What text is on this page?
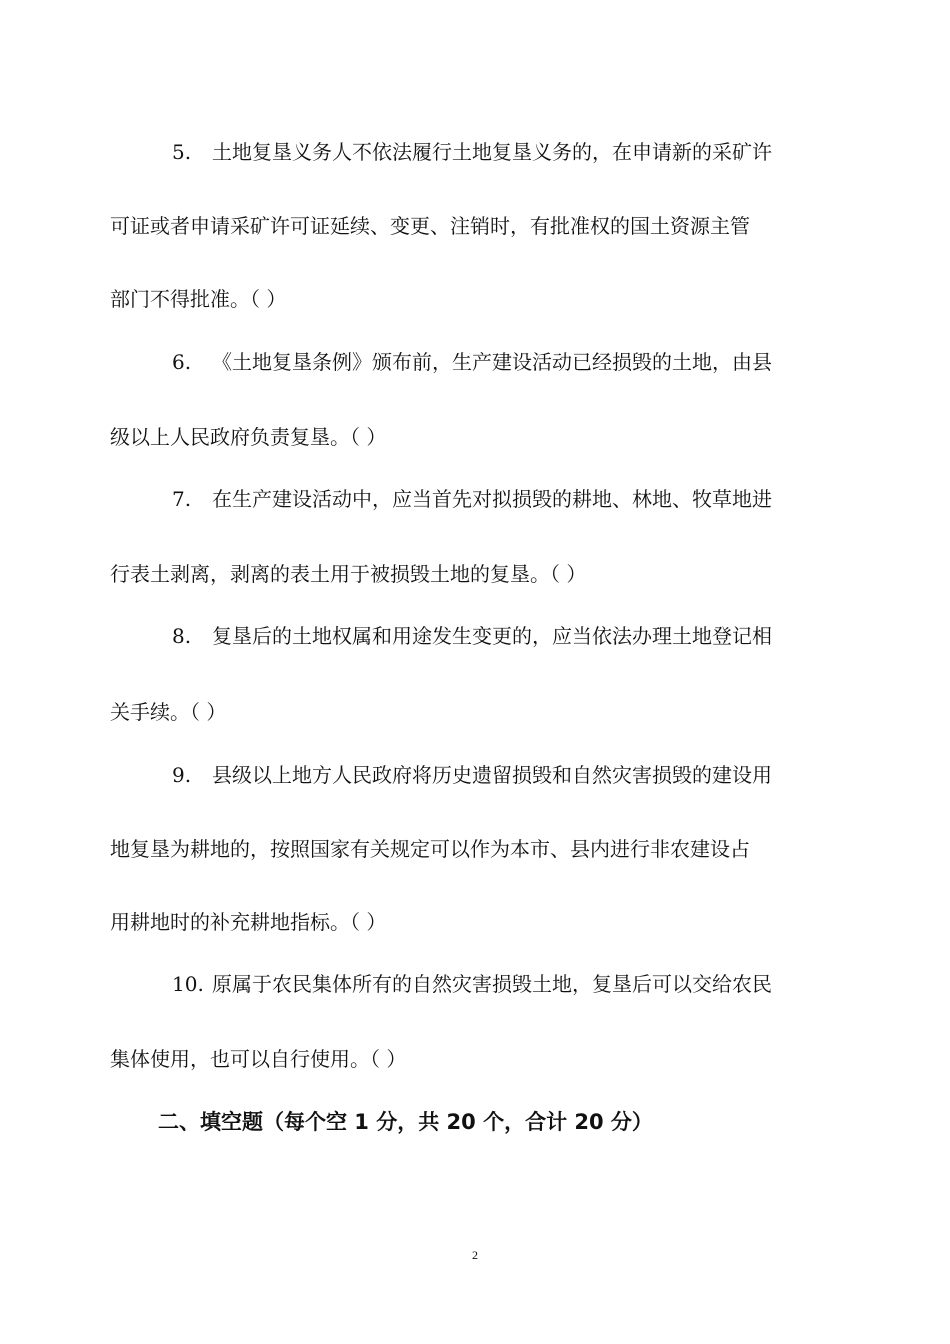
5. 土地复垦义务人不依法履行土地复垦义务的，在申请新的采矿许
可证或者申请采矿许可证延续、变更、注销时，有批准权的国土资源主管
部门不得批准。（ ）
6. 《土地复垦条例》颁布前，生产建设活动已经损毁的土地，由县
级以上人民政府负责复垦。（ ）
7. 在生产建设活动中，应当首先对拟损毁的耕地、林地、牧草地进
行表土剥离，剥离的表土用于被损毁土地的复垦。（ ）
8. 复垦后的土地权属和用途发生变更的，应当依法办理土地登记相
关手续。（ ）
9. 县级以上地方人民政府将历史遗留损毁和自然灾害损毁的建设用
地复垦为耕地的，按照国家有关规定可以作为本市、县内进行非农建设占
用耕地时的补充耕地指标。（ ）
10. 原属于农民集体所有的自然灾害损毁土地，复垦后可以交给农民
集体使用，也可以自行使用。（ ）
二、填空题（每个空 1 分，共 20 个，合计 20 分）
2
